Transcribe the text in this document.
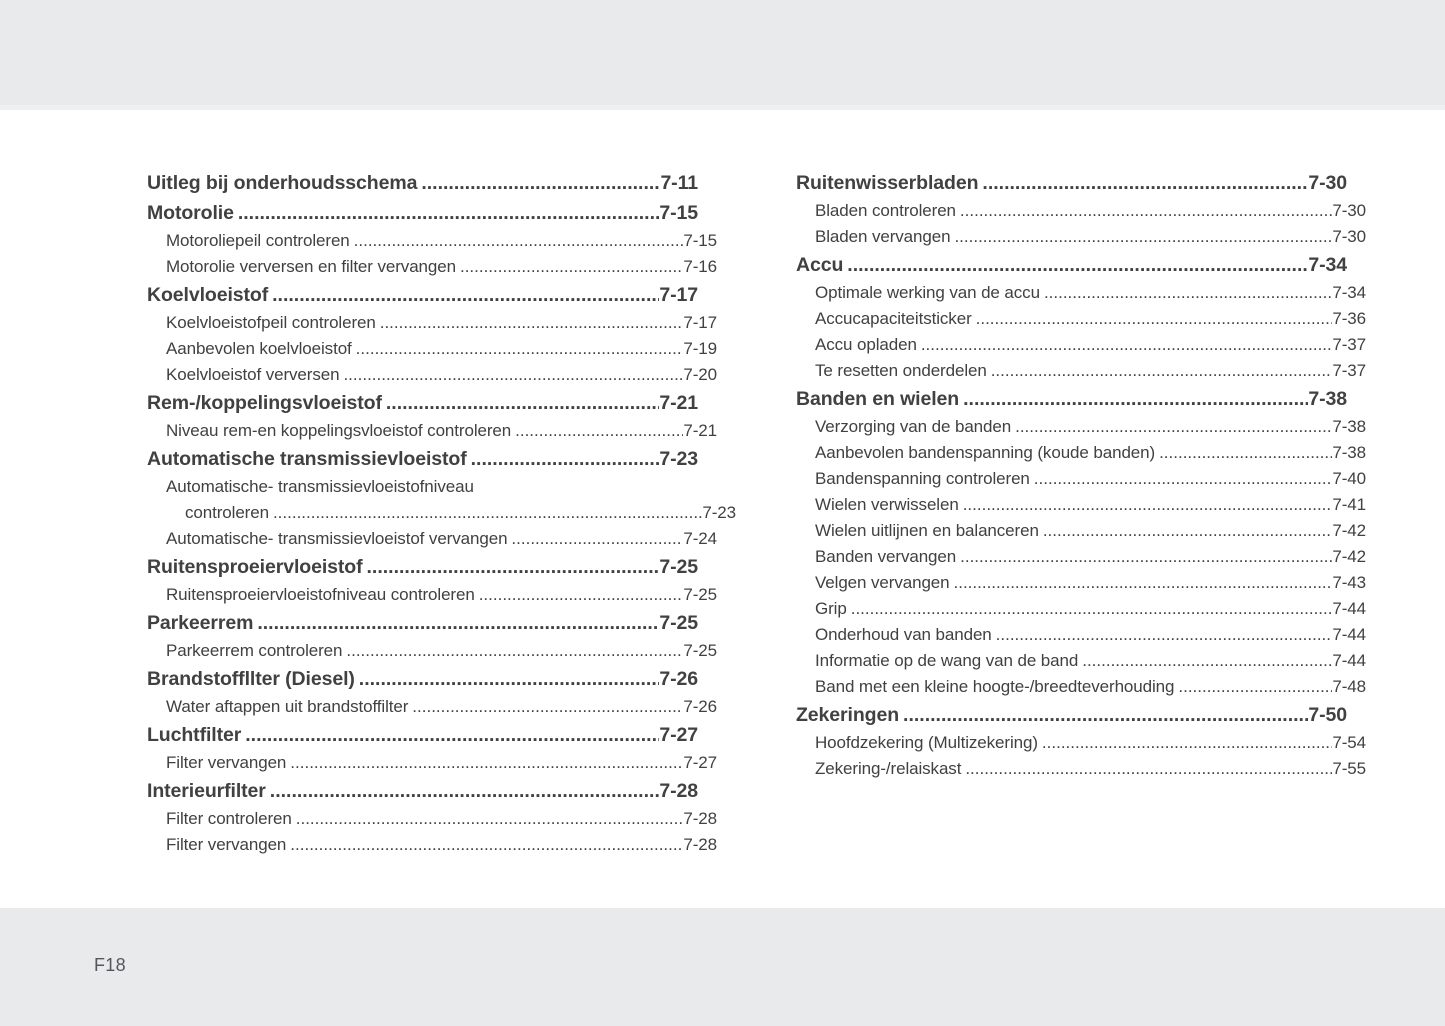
Uitleg bij onderhoudsschema .....	7-11
Motorolie .....	7-15
Motoroliepeil controleren .....	7-15
Motorolie verversen en filter vervangen .....	7-16
Koelvloeistof .....	7-17
Koelvloeistofpeil controleren .....	7-17
Aanbevolen koelvloeistof .....	7-19
Koelvloeistof verversen .....	7-20
Rem-/koppelingsvloeistof .....	7-21
Niveau rem-en koppelingsvloeistof controleren .....	7-21
Automatische transmissievloeistof .....	7-23
Automatische- transmissievloeistofniveau
controleren .....	7-23
Automatische- transmissievloeistof vervangen .....	7-24
Ruitensproeiervloeistof .....	7-25
Ruitensproeiervloeistofniveau controleren .....	7-25
Parkeerrem .....	7-25
Parkeerrem controleren .....	7-25
Brandstoffllter (Diesel) .....	7-26
Water aftappen uit brandstoffilter .....	7-26
Luchtfilter .....	7-27
Filter vervangen .....	7-27
Interieurfilter .....	7-28
Filter controleren .....	7-28
Filter vervangen .....	7-28
Ruitenwisserbladen .....	7-30
Bladen controleren .....	7-30
Bladen vervangen .....	7-30
Accu .....	7-34
Optimale werking van de accu .....	7-34
Accucapaciteitsticker .....	7-36
Accu opladen .....	7-37
Te resetten onderdelen .....	7-37
Banden en wielen .....	7-38
Verzorging van de banden .....	7-38
Aanbevolen bandenspanning (koude banden) .....	7-38
Bandenspanning controleren .....	7-40
Wielen verwisselen .....	7-41
Wielen uitlijnen en balanceren .....	7-42
Banden vervangen .....	7-42
Velgen vervangen .....	7-43
Grip .....	7-44
Onderhoud van banden .....	7-44
Informatie op de wang van de band .....	7-44
Band met een kleine hoogte-/breedteverhouding .....	7-48
Zekeringen .....	7-50
Hoofdzekering (Multizekering) .....	7-54
Zekering-/relaiskast .....	7-55
F18
